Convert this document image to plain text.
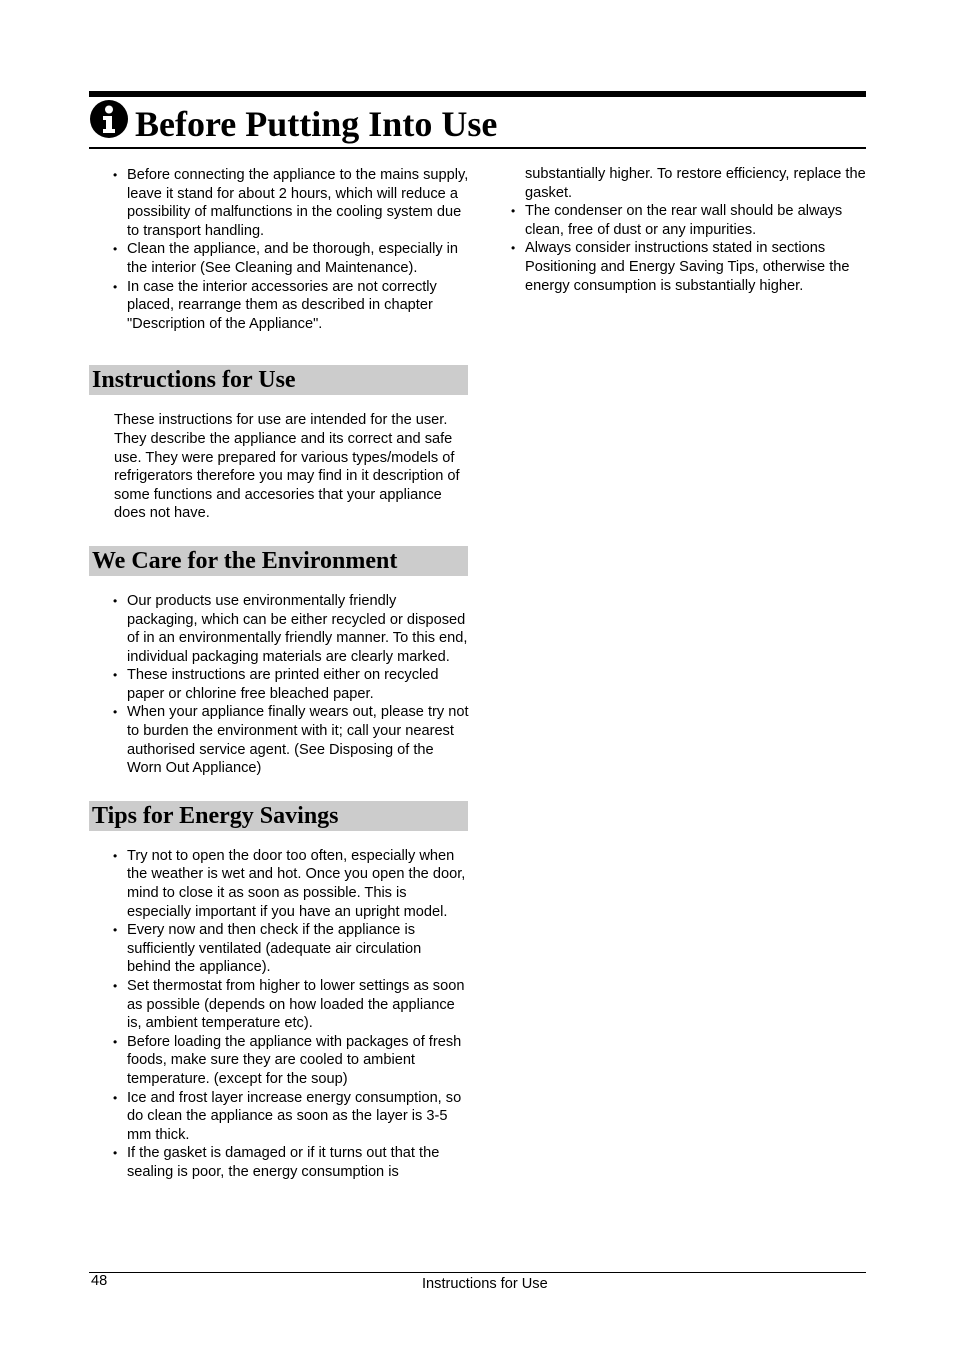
Before Putting Into Use
• Before connecting the appliance to the mains supply, leave it stand for about 2 hours, which will reduce a possibility of malfunctions in the cooling system due to transport handling.
• Clean the appliance, and be thorough, especially in the interior (See Cleaning and Maintenance).
• In case the interior accessories are not correctly placed, rearrange them as described in chapter "Description of the Appliance".
Instructions for Use

These instructions for use are intended for the user. They describe the appliance and its correct and safe use. They were prepared for various types/models of refrigerators therefore you may find in it description of some functions and accesories that your appliance does not have.

We Care for the Environment
• Our products use environmentally friendly packaging, which can be either recycled or disposed of in an environmentally friendly manner. To this end, individual packaging materials are clearly marked.
• These instructions are printed either on recycled paper or chlorine free bleached paper.
• When your appliance finally wears out, please try not to burden the environment with it; call your nearest authorised service agent. (See Disposing of the Worn Out Appliance)
Tips for Energy Savings
• Try not to open the door too often, especially when the weather is wet and hot. Once you open the door, mind to close it as soon as possible. This is especially important if you have an upright model.
• Every now and then check if the appliance is sufficiently ventilated (adequate air circulation behind the appliance).
• Set thermostat from higher to lower settings as soon as possible (depends on how loaded the appliance is, ambient temperature etc).
• Before loading the appliance with packages of fresh foods, make sure they are cooled to ambient temperature. (except for the soup)
• Ice and frost layer increase energy consumption, so do clean the appliance as soon as the layer is 3-5 mm thick.
• If the gasket is damaged or if it turns out that the sealing is poor, the energy consumption is
substantially higher. To restore efficiency, replace the gasket.
• The condenser on the rear wall should be always clean, free of dust or any impurities.
• Always consider instructions stated in sections Positioning and Energy Saving Tips, otherwise the energy consumption is substantially higher.
48	Instructions for Use
